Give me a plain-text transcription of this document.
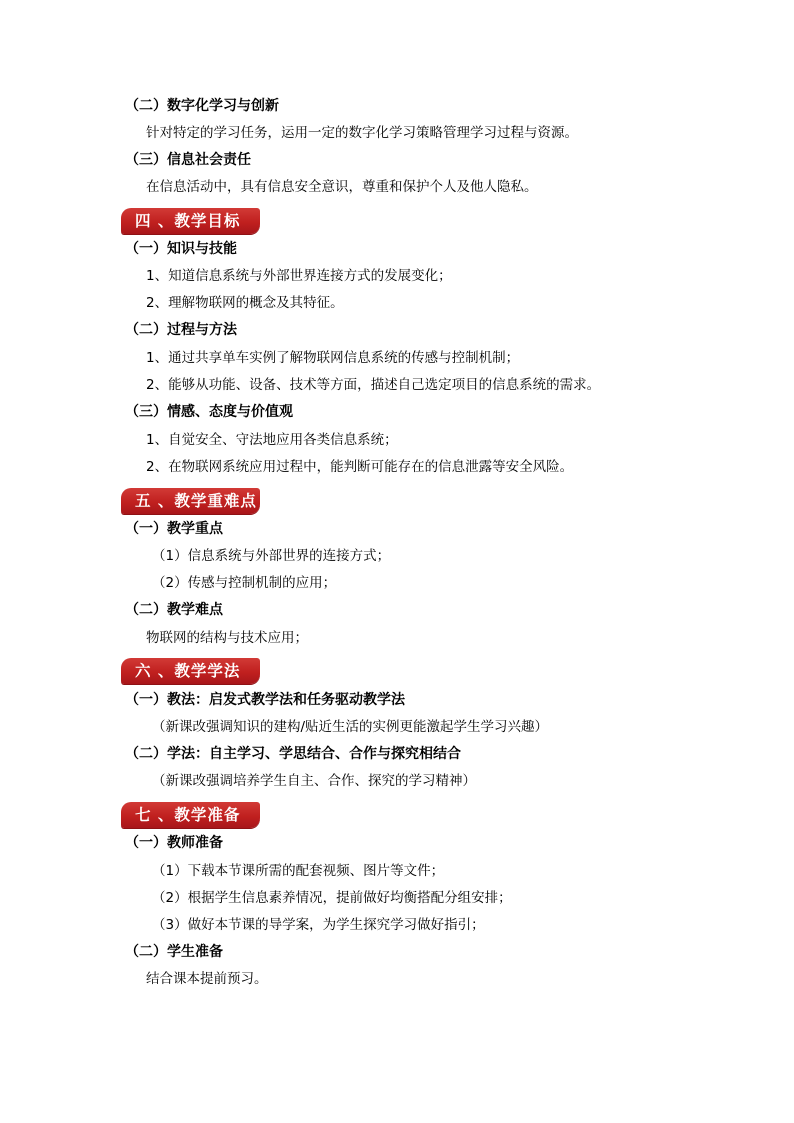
（二）数字化学习与创新
针对特定的学习任务，运用一定的数字化学习策略管理学习过程与资源。
（三）信息社会责任
在信息活动中，具有信息安全意识，尊重和保护个人及他人隐私。
四 、教学目标
（一）知识与技能
1、知道信息系统与外部世界连接方式的发展变化；
2、理解物联网的概念及其特征。
（二）过程与方法
1、通过共享单车实例了解物联网信息系统的传感与控制机制；
2、能够从功能、设备、技术等方面，描述自己选定项目的信息系统的需求。
（三）情感、态度与价值观
1、自觉安全、守法地应用各类信息系统；
2、在物联网系统应用过程中，能判断可能存在的信息泄露等安全风险。
五 、教学重难点
（一）教学重点
（1）信息系统与外部世界的连接方式；
（2）传感与控制机制的应用；
（二）教学难点
物联网的结构与技术应用；
六 、教学学法
（一）教法：启发式教学法和任务驱动教学法
（新课改强调知识的建构/贴近生活的实例更能激起学生学习兴趣）
（二）学法：自主学习、学思结合、合作与探究相结合
（新课改强调培养学生自主、合作、探究的学习精神）
七 、教学准备
（一）教师准备
（1）下载本节课所需的配套视频、图片等文件；
（2）根据学生信息素养情况，提前做好均衡搭配分组安排；
（3）做好本节课的导学案，为学生探究学习做好指引；
（二）学生准备
结合课本提前预习。
